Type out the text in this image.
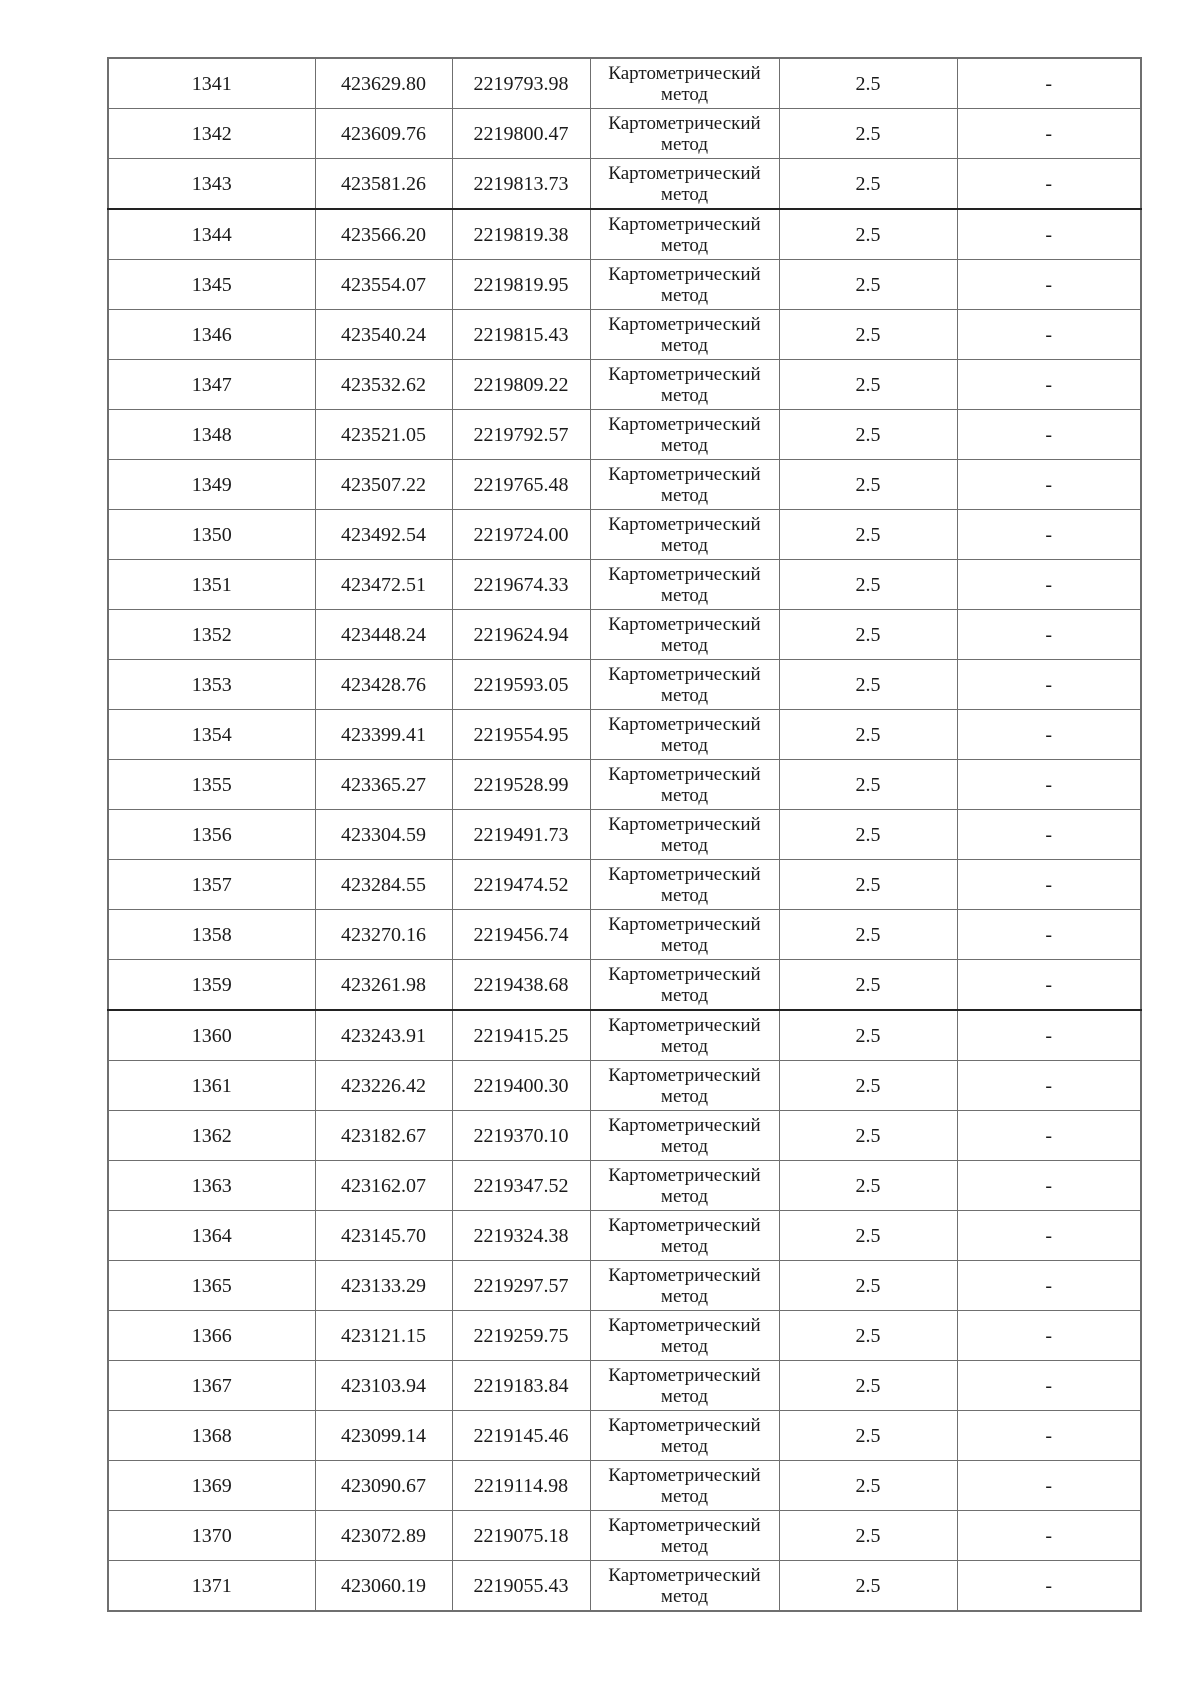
1341	423629.80	2219793.98	Картометрический метод	2.5	-
1342	423609.76	2219800.47	Картометрический метод	2.5	-
1343	423581.26	2219813.73	Картометрический метод	2.5	-
1344	423566.20	2219819.38	Картометрический метод	2.5	-
1345	423554.07	2219819.95	Картометрический метод	2.5	-
1346	423540.24	2219815.43	Картометрический метод	2.5	-
1347	423532.62	2219809.22	Картометрический метод	2.5	-
1348	423521.05	2219792.57	Картометрический метод	2.5	-
1349	423507.22	2219765.48	Картометрический метод	2.5	-
1350	423492.54	2219724.00	Картометрический метод	2.5	-
1351	423472.51	2219674.33	Картометрический метод	2.5	-
1352	423448.24	2219624.94	Картометрический метод	2.5	-
1353	423428.76	2219593.05	Картометрический метод	2.5	-
1354	423399.41	2219554.95	Картометрический метод	2.5	-
1355	423365.27	2219528.99	Картометрический метод	2.5	-
1356	423304.59	2219491.73	Картометрический метод	2.5	-
1357	423284.55	2219474.52	Картометрический метод	2.5	-
1358	423270.16	2219456.74	Картометрический метод	2.5	-
1359	423261.98	2219438.68	Картометрический метод	2.5	-
1360	423243.91	2219415.25	Картометрический метод	2.5	-
1361	423226.42	2219400.30	Картометрический метод	2.5	-
1362	423182.67	2219370.10	Картометрический метод	2.5	-
1363	423162.07	2219347.52	Картометрический метод	2.5	-
1364	423145.70	2219324.38	Картометрический метод	2.5	-
1365	423133.29	2219297.57	Картометрический метод	2.5	-
1366	423121.15	2219259.75	Картометрический метод	2.5	-
1367	423103.94	2219183.84	Картометрический метод	2.5	-
1368	423099.14	2219145.46	Картометрический метод	2.5	-
1369	423090.67	2219114.98	Картометрический метод	2.5	-
1370	423072.89	2219075.18	Картометрический метод	2.5	-
1371	423060.19	2219055.43	Картометрический метод	2.5	-
